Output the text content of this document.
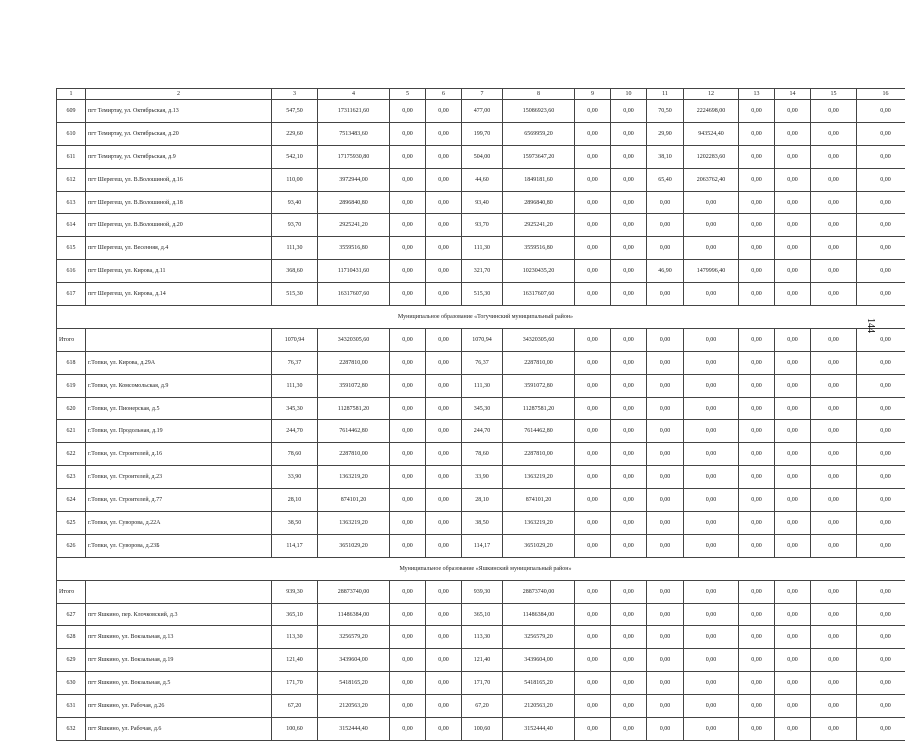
1	2	3	4	5	6	7	8	9	10	11	12	13	14	15	16
609	пгт Темиртау, ул. Октябрьская, д.13	547,50	17311621,60	0,00	0,00	477,00	15086923,60	0,00	0,00	70,50	2224698,00	0,00	0,00	0,00	0,00
610	пгт Темиртау, ул. Октябрьская, д.20	229,60	7513483,60	0,00	0,00	199,70	6569959,20	0,00	0,00	29,90	943524,40	0,00	0,00	0,00	0,00
611	пгт Темиртау, ул. Октябрьская, д.9	542,10	17175930,80	0,00	0,00	504,00	15973647,20	0,00	0,00	38,10	1202283,60	0,00	0,00	0,00	0,00
612	пгт Шерегеш, ул. В.Волошиной, д.16	110,00	3972944,00	0,00	0,00	44,60	1849181,60	0,00	0,00	65,40	2063762,40	0,00	0,00	0,00	0,00
613	пгт Шерегеш, ул. В.Волошиной, д.18	93,40	2896840,80	0,00	0,00	93,40	2896840,80	0,00	0,00	0,00	0,00	0,00	0,00	0,00	0,00
614	пгт Шерегеш, ул. В.Волошиной, д.20	93,70	2925241,20	0,00	0,00	93,70	2925241,20	0,00	0,00	0,00	0,00	0,00	0,00	0,00	0,00
615	пгт Шерегеш, ул. Весенняя, д.4	111,30	3559516,80	0,00	0,00	111,30	3559516,80	0,00	0,00	0,00	0,00	0,00	0,00	0,00	0,00
616	пгт Шерегеш, ул. Кирова, д.11	368,60	11710431,60	0,00	0,00	321,70	10230435,20	0,00	0,00	46,90	1479996,40	0,00	0,00	0,00	0,00
617	пгт Шерегеш, ул. Кирова, д.14	515,30	16317607,60	0,00	0,00	515,30	16317607,60	0,00	0,00	0,00	0,00	0,00	0,00	0,00	0,00
Муниципальное образование «Тогучинский муниципальный район»															
Итого		1070,94	34320305,60	0,00	0,00	1070,94	34320305,60	0,00	0,00	0,00	0,00	0,00	0,00	0,00	0,00
618	г.Топки, ул. Кирова, д.29А	76,37	2287810,00	0,00	0,00	76,37	2287810,00	0,00	0,00	0,00	0,00	0,00	0,00	0,00	0,00
619	г.Топки, ул. Комсомольская, д.9	111,30	3591072,80	0,00	0,00	111,30	3591072,80	0,00	0,00	0,00	0,00	0,00	0,00	0,00	0,00
620	г.Топки, ул. Пионерская, д.5	345,30	11287581,20	0,00	0,00	345,30	11287581,20	0,00	0,00	0,00	0,00	0,00	0,00	0,00	0,00
621	г.Топки, ул. Продольная, д.19	244,70	7614462,80	0,00	0,00	244,70	7614462,80	0,00	0,00	0,00	0,00	0,00	0,00	0,00	0,00
622	г.Топки, ул. Строителей, д.16	78,60	2287810,00	0,00	0,00	78,60	2287810,00	0,00	0,00	0,00	0,00	0,00	0,00	0,00	0,00
623	г.Топки, ул. Строителей, д.23	33,90	1363219,20	0,00	0,00	33,90	1363219,20	0,00	0,00	0,00	0,00	0,00	0,00	0,00	0,00
624	г.Топки, ул. Строителей, д.77	28,10	874101,20	0,00	0,00	28,10	874101,20	0,00	0,00	0,00	0,00	0,00	0,00	0,00	0,00
625	г.Топки, ул. Суворова, д.22А	38,50	1363219,20	0,00	0,00	38,50	1363219,20	0,00	0,00	0,00	0,00	0,00	0,00	0,00	0,00
626	г.Топки, ул. Суворова, д.23Б	114,17	3651029,20	0,00	0,00	114,17	3651029,20	0,00	0,00	0,00	0,00	0,00	0,00	0,00	0,00
Муниципальное образование «Яшкинский муниципальный район»															
Итого		939,30	28873740,00	0,00	0,00	939,30	28873740,00	0,00	0,00	0,00	0,00	0,00	0,00	0,00	0,00
627	пгт Яшкино, пер. Клочковский, д.3	365,10	11486384,00	0,00	0,00	365,10	11486384,00	0,00	0,00	0,00	0,00	0,00	0,00	0,00	0,00
628	пгт Яшкино, ул. Вокзальная, д.13	113,30	3256579,20	0,00	0,00	113,30	3256579,20	0,00	0,00	0,00	0,00	0,00	0,00	0,00	0,00
629	пгт Яшкино, ул. Вокзальная, д.19	121,40	3439604,00	0,00	0,00	121,40	3439604,00	0,00	0,00	0,00	0,00	0,00	0,00	0,00	0,00
630	пгт Яшкино, ул. Вокзальная, д.5	171,70	5418165,20	0,00	0,00	171,70	5418165,20	0,00	0,00	0,00	0,00	0,00	0,00	0,00	0,00
631	пгт Яшкино, ул. Рабочая, д.26	67,20	2120563,20	0,00	0,00	67,20	2120563,20	0,00	0,00	0,00	0,00	0,00	0,00	0,00	0,00
632	пгт Яшкино, ул. Рабочая, д.6	100,60	3152444,40	0,00	0,00	100,60	3152444,40	0,00	0,00	0,00	0,00	0,00	0,00	0,00	0,00
144
